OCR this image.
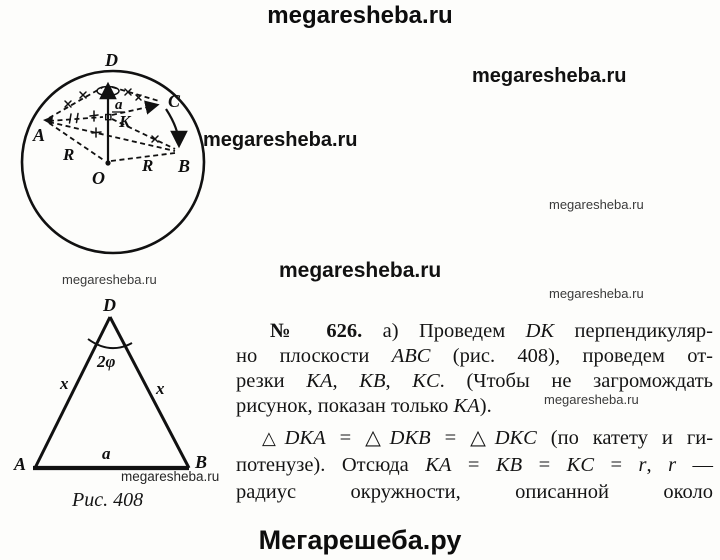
megaresheba.ru
D
C
A
O
B
K
a
R
R
D
A	B
2φ
x	x
a
Рис. 408
megaresheba.ru
megaresheba.ru
megaresheba.ru
megaresheba.ru
megaresheba.ru
megaresheba.ru
megaresheba.ru
megaresheba.ru
№ 626. а) Проведем DK перпендикуляр-
но плоскости ABC (рис. 408), проведем от-
резки KA, KB, KC. (Чтобы не загромождать
рисунок, показан только KA).
△DKA = △DKB = △DKC (по катету и ги-
потенузе). Отсюда KA = KB = KC = r, r —
радиус окружности, описанной около
Мегарешеба.ру
